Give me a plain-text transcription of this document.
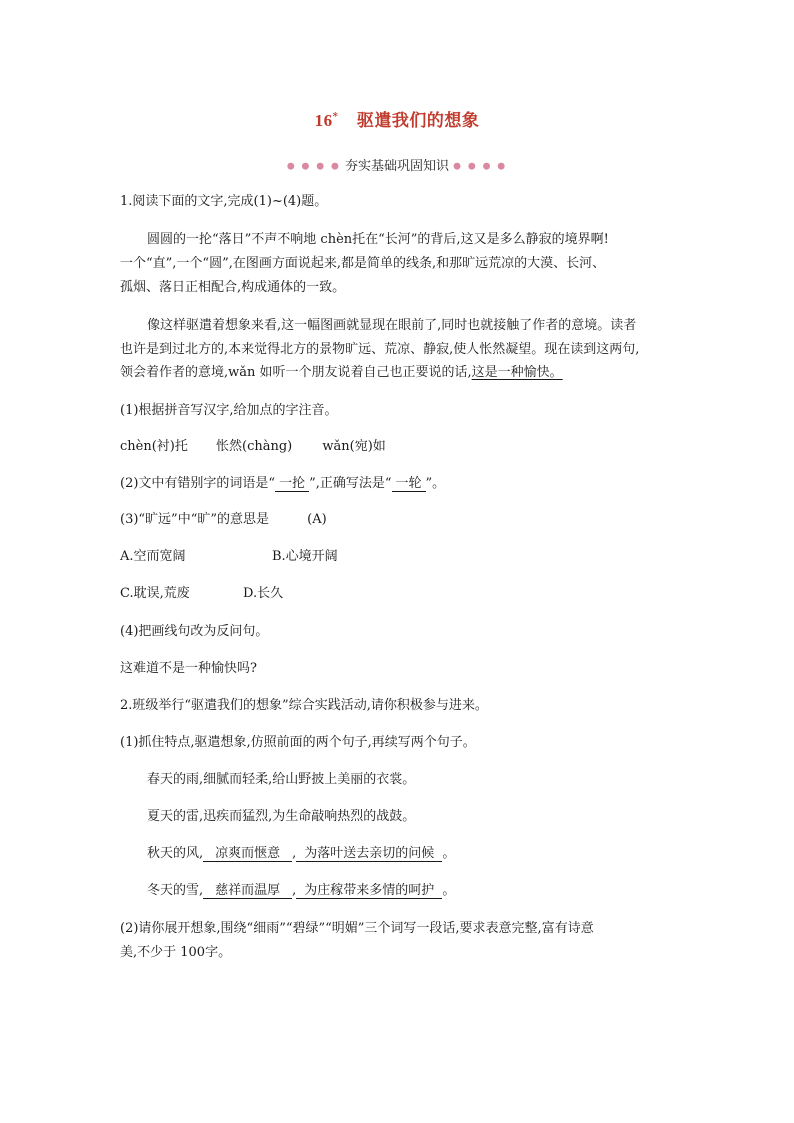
16* 驱遣我们的想象
● ● ● ● 夯实基础巩固知识 ● ● ● ●
1.阅读下面的文字,完成(1)~(4)题。
圆圆的一抡“落日”不声不响地 chèn托在“长河”的背后,这又是多么静寂的境界啊!
一个“直”,一个“圆”,在图画方面说起来,都是简单的线条,和那旷远荒凉的大漠、长河、
孤烟、落日正相配合,构成通体的一致。
像这样驱遣着想象来看,这一幅图画就显现在眼前了,同时也就接触了作者的意境。读者
也许是到过北方的,本来觉得北方的景物旷远、荒凉、静寂,使人怅然凝望。现在读到这两句,
领会着作者的意境,wǎn 如听一个朋友说着自己也正要说的话,这是一种愉快。
(1)根据拼音写汉字,给加点的字注音。
chèn(衬)托 怅然(chàng) wǎn(宛)如
(2)文中有错别字的词语是“ 一抡 ”,正确写法是“ 一轮 ”。
(3)“旷远”中“旷”的意思是	(A)
A.空而宽阔	B.心境开阔
C.耽误,荒废	D.长久
(4)把画线句改为反问句。
这难道不是一种愉快吗?
2.班级举行“驱遣我们的想象”综合实践活动,请你积极参与进来。
(1)抓住特点,驱遣想象,仿照前面的两个句子,再续写两个句子。
春天的雨,细腻而轻柔,给山野披上美丽的衣裳。
夏天的雷,迅疾而猛烈,为生命敲响热烈的战鼓。
秋天的风, 凉爽而惬意 , 为落叶送去亲切的问候 。
冬天的雪, 慈祥而温厚 , 为庄稼带来多情的呵护 。
(2)请你展开想象,围绕“细雨”“碧绿”“明媚”三个词写一段话,要求表意完整,富有诗意
美,不少于 100字。
